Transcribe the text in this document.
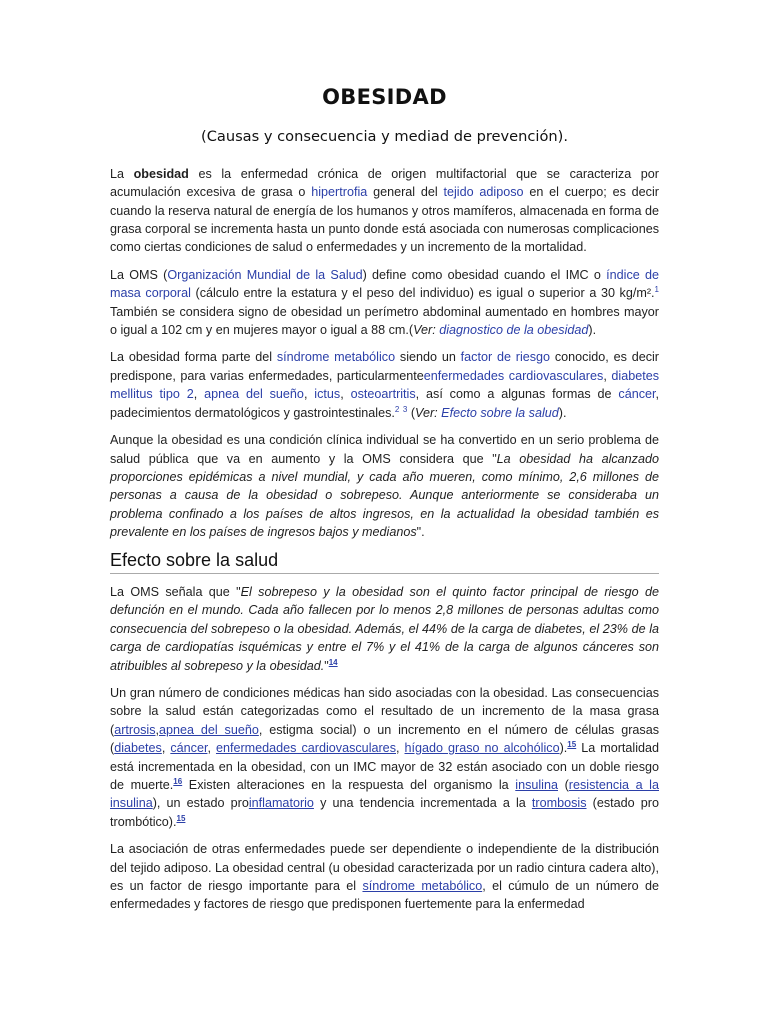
OBESIDAD
(Causas y consecuencia y mediad de prevención).

La obesidad es la enfermedad crónica de origen multifactorial que se caracteriza por acumulación excesiva de grasa o hipertrofia general del tejido adiposo en el cuerpo; es decir cuando la reserva natural de energía de los humanos y otros mamíferos, almacenada en forma de grasa corporal se incrementa hasta un punto donde está asociada con numerosas complicaciones como ciertas condiciones de salud o enfermedades y un incremento de la mortalidad.

La OMS (Organización Mundial de la Salud) define como obesidad cuando el IMC o índice de masa corporal (cálculo entre la estatura y el peso del individuo) es igual o superior a 30 kg/m².$^1$ También se considera signo de obesidad un perímetro abdominal aumentado en hombres mayor o igual a 102 cm y en mujeres mayor o igual a 88 cm.(Ver: diagnostico de la obesidad).

La obesidad forma parte del síndrome metabólico siendo un factor de riesgo conocido, es decir predispone, para varias enfermedades, particularmenteenfermedades cardiovasculares, diabetes mellitus tipo 2, apnea del sueño, ictus, osteoartritis, así como a algunas formas de cáncer, padecimientos dermatológicos y gastrointestinales.$^2$ $^3$ (Ver: Efecto sobre la salud).

Aunque la obesidad es una condición clínica individual se ha convertido en un serio problema de salud pública que va en aumento y la OMS considera que "La obesidad ha alcanzado proporciones epidémicas a nivel mundial, y cada año mueren, como mínimo, 2,6 millones de personas a causa de la obesidad o sobrepeso. Aunque anteriormente se consideraba un problema confinado a los países de altos ingresos, en la actualidad la obesidad también es prevalente en los países de ingresos bajos y medianos".

Efecto sobre la salud

La OMS señala que "El sobrepeso y la obesidad son el quinto factor principal de riesgo de defunción en el mundo. Cada año fallecen por lo menos 2,8 millones de personas adultas como consecuencia del sobrepeso o la obesidad. Además, el 44% de la carga de diabetes, el 23% de la carga de cardiopatías isquémicas y entre el 7% y el 41% de la carga de algunos cánceres son atribuibles al sobrepeso y la obesidad."$^{14}$

Un gran número de condiciones médicas han sido asociadas con la obesidad. Las consecuencias sobre la salud están categorizadas como el resultado de un incremento de la masa grasa (artrosis,apnea del sueño, estigma social) o un incremento en el número de células grasas (diabetes, cáncer, enfermedades cardiovasculares, hígado graso no alcohólico).$^{15}$ La mortalidad está incrementada en la obesidad, con un IMC mayor de 32 están asociado con un doble riesgo de muerte.$^{16}$ Existen alteraciones en la respuesta del organismo la insulina (resistencia a la insulina), un estado proinflamatorio y una tendencia incrementada a la trombosis (estado pro trombótico).$^{15}$

La asociación de otras enfermedades puede ser dependiente o independiente de la distribución del tejido adiposo. La obesidad central (u obesidad caracterizada por un radio cintura cadera alto), es un factor de riesgo importante para el síndrome metabólico, el cúmulo de un número de enfermedades y factores de riesgo que predisponen fuertemente para la enfermedad
